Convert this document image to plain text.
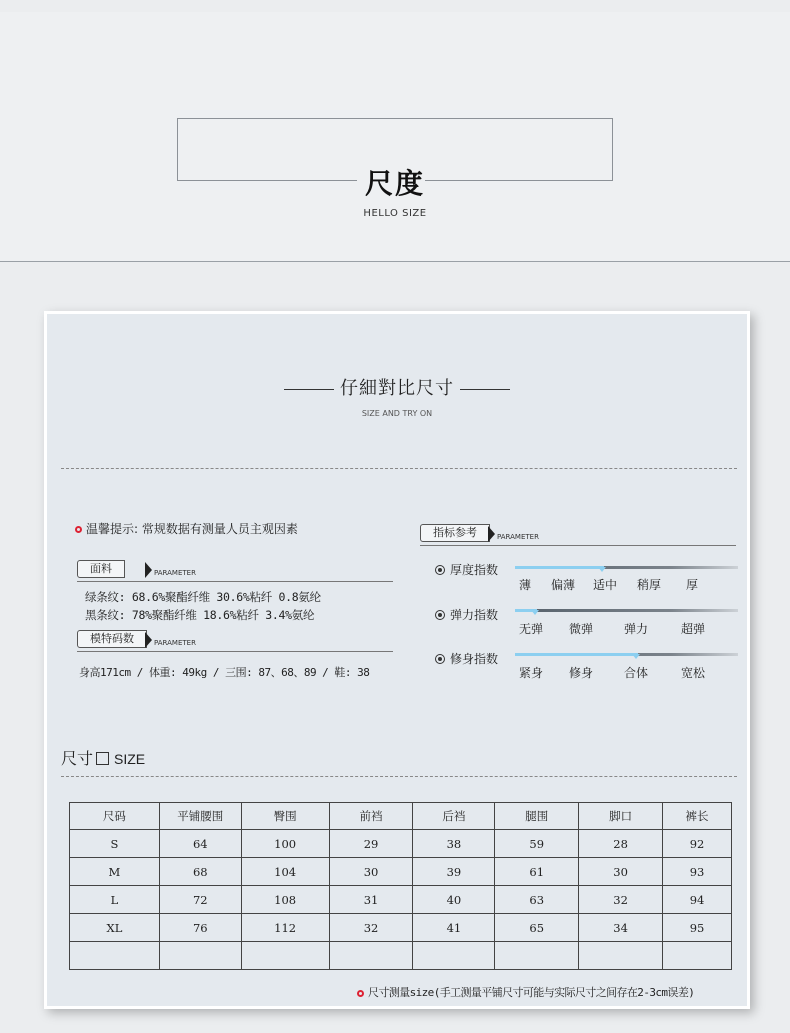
尺度
HELLO SIZE
仔細對比尺寸
SIZE AND TRY ON
温馨提示: 常规数据有测量人员主观因素
面料	PARAMETER
绿条纹: 68.6%聚酯纤维 30.6%粘纤 0.8氨纶
黑条纹: 78%聚酯纤维 18.6%粘纤 3.4%氨纶
模特码数	PARAMETER
身高171cm / 体重: 49kg / 三围: 87、68、89 / 鞋: 38
指标参考	PARAMETER
厚度指数
薄 偏薄 适中 稍厚 厚
弹力指数
无弹 微弹	弹力	超弹
修身指数
紧身 修身	合体	宽松
尺寸 SIZE
尺码	平铺腰围	臀围	前裆	后裆	腿围	脚口	裤长
S	64	100	29	38	59	28	92
M	68	104	30	39	61	30	93
L	72	108	31	40	63	32	94
XL	76	112	32	41	65	34	95

尺寸测量size(手工测量平铺尺寸可能与实际尺寸之间存在2-3cm误差)
